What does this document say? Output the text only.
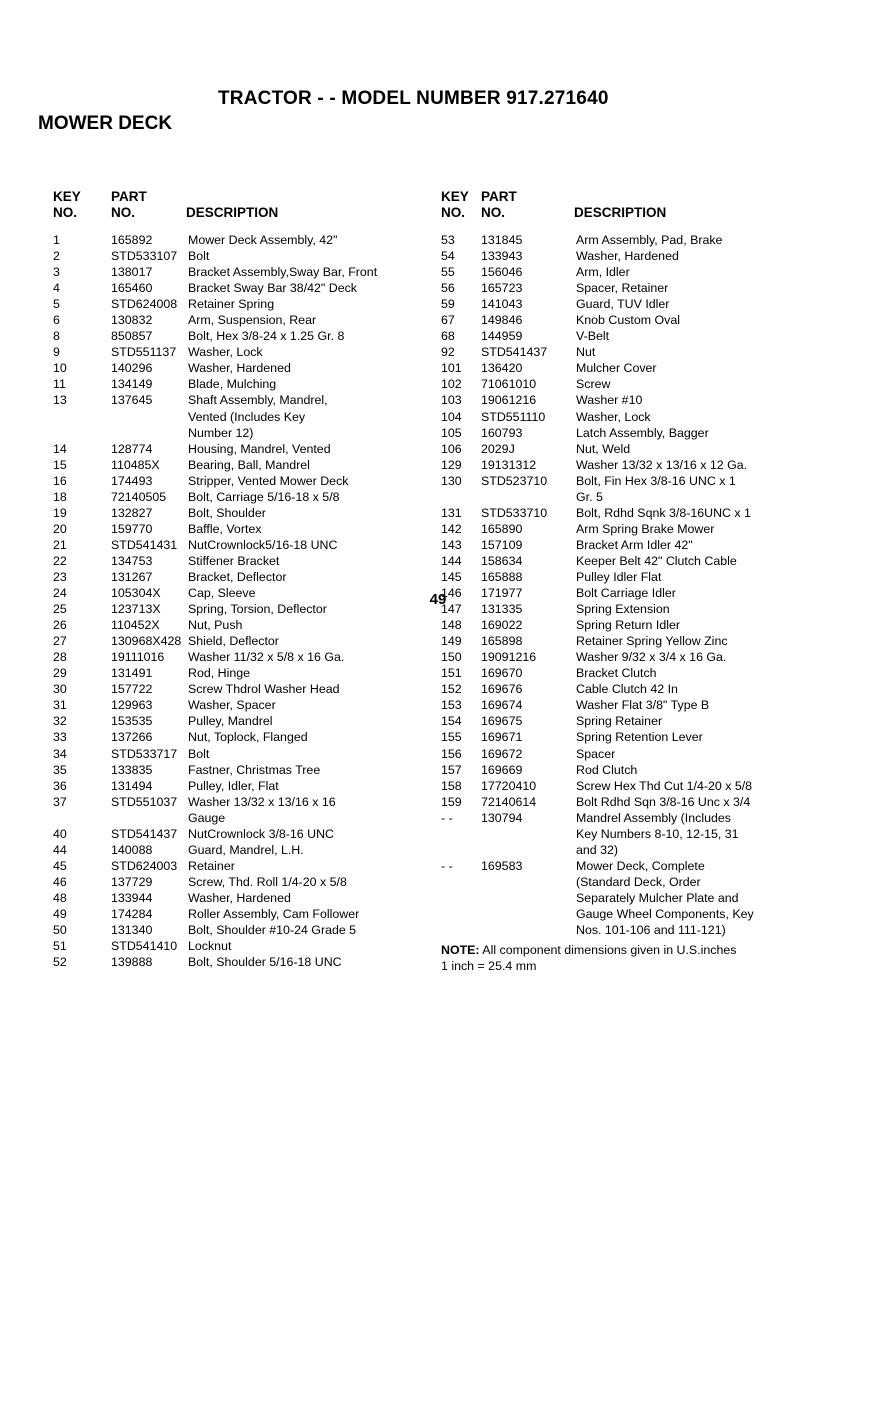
TRACTOR - - MODEL NUMBER 917.271640
MOWER DECK
KEY
NO.
PART
NO.	
DESCRIPTION
1	165892	Mower Deck Assembly, 42"
2	STD533107 Bolt
3	138017	Bracket Assembly,Sway Bar, Front
4	165460	Bracket Sway Bar 38/42" Deck
5	STD624008 Retainer Spring
6	130832	Arm, Suspension, Rear
8	850857	Bolt, Hex 3/8-24 x 1.25 Gr. 8
9	STD551137 Washer, Lock
10	140296	Washer, Hardened
11	134149	Blade, Mulching
13	137645	Shaft Assembly, Mandrel,
Vented (Includes Key
Number 12)
14	128774	Housing, Mandrel, Vented
15	110485X	Bearing, Ball, Mandrel
16	174493	Stripper, Vented Mower Deck
18	72140505	Bolt, Carriage 5/16-18 x 5/8
19	132827	Bolt, Shoulder
20	159770	Baffle, Vortex
21	STD541431 NutCrownlock5/16-18 UNC
22	134753	Stiffener Bracket
23	131267	Bracket, Deflector
24	105304X	Cap, Sleeve
25	123713X	Spring, Torsion, Deflector
26	110452X	Nut, Push
27	130968X428 Shield, Deflector
28	19111016	Washer 11/32 x 5/8 x 16 Ga.
29	131491	Rod, Hinge
30	157722	Screw Thdrol Washer Head
31	129963	Washer, Spacer
32	153535	Pulley, Mandrel
33	137266	Nut, Toplock, Flanged
34	STD533717 Bolt
35	133835	Fastner, Christmas Tree
36	131494	Pulley, Idler, Flat
37	STD551037 Washer 13/32 x 13/16 x 16
Gauge
40	STD541437 NutCrownlock 3/8-16 UNC
44	140088	Guard, Mandrel, L.H.
45	STD624003 Retainer
46	137729	Screw, Thd. Roll 1/4-20 x 5/8
48	133944	Washer, Hardened
49	174284	Roller Assembly, Cam Follower
50	131340	Bolt, Shoulder #10-24 Grade 5
51	STD541410 Locknut
52	139888	Bolt, Shoulder 5/16-18 UNC
KEY
NO.
PART
NO.	
DESCRIPTION
53	131845	Arm Assembly, Pad, Brake
54	133943	Washer, Hardened
55	156046	Arm, Idler
56	165723	Spacer, Retainer
59	141043	Guard, TUV Idler
67	149846	Knob Custom Oval
68	144959	V-Belt
92	STD541437	Nut
101	136420	Mulcher Cover
102	71061010	Screw
103	19061216	Washer #10
104	STD551110	Washer, Lock
105	160793	Latch Assembly, Bagger
106	2029J	Nut, Weld
129	19131312	Washer 13/32 x 13/16 x 12 Ga.
130	STD523710	Bolt, Fin Hex 3/8-16 UNC x 1
Gr. 5
131	STD533710	Bolt, Rdhd Sqnk 3/8-16UNC x 1
142	165890	Arm Spring Brake Mower
143	157109	Bracket Arm Idler 42"
144	158634	Keeper Belt 42" Clutch Cable
145	165888	Pulley Idler Flat
146	171977	Bolt Carriage Idler
147	131335	Spring Extension
148	169022	Spring Return Idler
149	165898	Retainer Spring Yellow Zinc
150	19091216	Washer 9/32 x 3/4 x 16 Ga.
151	169670	Bracket Clutch
152	169676	Cable Clutch 42 In
153	169674	Washer Flat 3/8" Type B
154	169675	Spring Retainer
155	169671	Spring Retention Lever
156	169672	Spacer
157	169669	Rod Clutch
158	17720410	Screw Hex Thd Cut 1/4-20 x 5/8
159	72140614	Bolt Rdhd Sqn 3/8-16 Unc x 3/4
- -	130794	Mandrel Assembly (Includes
Key Numbers 8-10, 12-15, 31
and 32)
- -	169583	Mower Deck, Complete
(Standard Deck, Order
Separately Mulcher Plate and
Gauge Wheel Components, Key
Nos. 101-106 and 111-121)
NOTE: All component dimensions given in U.S.inches
1 inch = 25.4 mm
49
